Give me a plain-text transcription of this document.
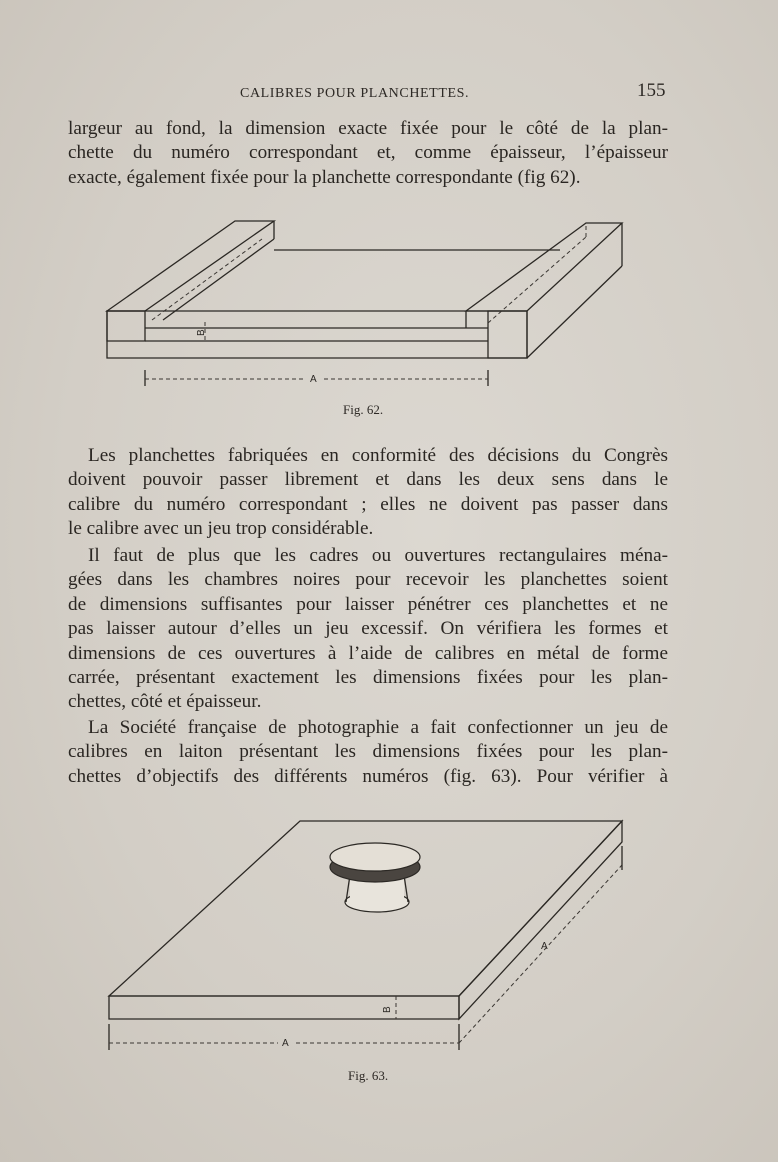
CALIBRES POUR PLANCHETTES.	155
largeur au fond, la dimension exacte fixée pour le côté de la plan-
chette du numéro correspondant et, comme épaisseur, l’épaisseur
exacte, également fixée pour la planchette correspondante (fig 62).
B
A
Fig. 62.
Les planchettes fabriquées en conformité des décisions du Congrès
doivent pouvoir passer librement et dans les deux sens dans le
calibre du numéro correspondant ; elles ne doivent pas passer dans
le calibre avec un jeu trop considérable.
Il faut de plus que les cadres ou ouvertures rectangulaires ména-
gées dans les chambres noires pour recevoir les planchettes soient
de dimensions suffisantes pour laisser pénétrer ces planchettes et ne
pas laisser autour d’elles un jeu excessif. On vérifiera les formes et
dimensions de ces ouvertures à l’aide de calibres en métal de forme
carrée, présentant exactement les dimensions fixées pour les plan-
chettes, côté et épaisseur.
La Société française de photographie a fait confectionner un jeu de
calibres en laiton présentant les dimensions fixées pour les plan-
chettes d’objectifs des différents numéros (fig. 63). Pour vérifier à
B
A
A
Fig. 63.
